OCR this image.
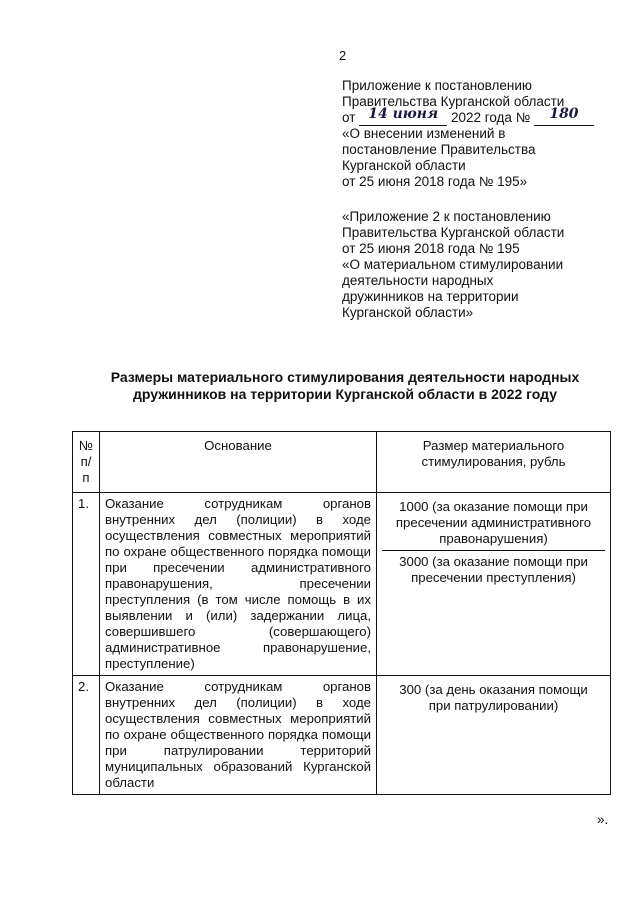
2
Приложение к постановлению
Правительства Курганской области
от 14 июня 2022 года № 180
«О внесении изменений в
постановление Правительства
Курганской области
от 25 июня 2018 года № 195»
«Приложение 2 к постановлению
Правительства Курганской области
от 25 июня 2018 года № 195
«О материальном стимулировании
деятельности народных
дружинников на территории
Курганской области»
Размеры материального стимулирования деятельности народных
дружинников на территории Курганской области в 2022 году
№ п/п	Основание	Размер материального стимулирования, рубль
1.	Оказание сотрудникам органов внутренних дел (полиции) в ходе осуществления совместных мероприятий по охране общественного порядка помощи при пресечении административного правонарушения, пресечении преступления (в том числе помощь в их выявлении и (или) задержании лица, совершившего (совершающего) административное правонарушение, преступление)	1000 (за оказание помощи при пресечении административного правонарушения)
3000 (за оказание помощи при пресечении преступления)

2.	Оказание сотрудникам органов внутренних дел (полиции) в ходе осуществления совместных мероприятий по охране общественного порядка помощи при патрулировании территорий муниципальных образований Курганской области	300 (за день оказания помощи при патрулировании)
».
